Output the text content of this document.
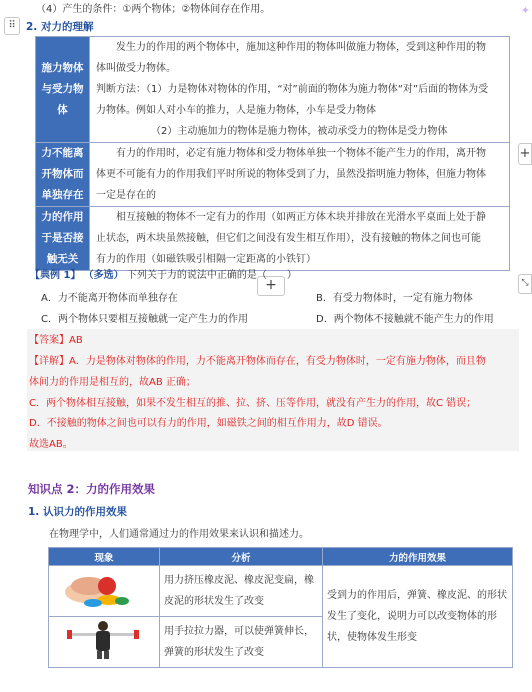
✦
⠿
+
+	⤡
（4）产生的条件：①两个物体；②物体间存在作用。
2. 对力的理解
施力物体与受力物体	　　发生力的作用的两个物体中，施加这种作用的物体叫做施力物体，受到这种作用的物
体叫做受力物体。
判断方法：（1）力是物体对物体的作用，“对”前面的物体为施力物体“对”后面的物体为受
力物体。例如人对小车的推力，人是施力物体，小车是受力物体
　　　　　　（2）主动施加力的物体是施力物体，被动承受力的物体是受力物体

力不能离开物体而单独存在	　　有力的作用时，必定有施力物体和受力物体单独一个物体不能产生力的作用，离开物
体更不可能有力的作用我们平时所说的物体受到了力，虽然没指明施力物体，但施力物体
一定是存在的

力的作用于是否接触无关	　　相互接触的物体不一定有力的作用（如两正方体木块并排放在光滑水平桌面上处于静
止状态，两木块虽然接触，但它们之间没有发生相互作用），没有接触的物体之间也可能
有力的作用（如磁铁吸引相隔一定距离的小铁钉）
【典例 1】 （多选） 下列关于力的说法中正确的是（　　）
A．力不能离开物体而单独存在	B．有受力物体时，一定有施力物体
C．两个物体只要相互接触就一定产生力的作用	D．两个物体不接触就不能产生力的作用
【答案】AB
【详解】A．力是物体对物体的作用，力不能离开物体而存在，有受力物体时，一定有施力物体，而且物
体间力的作用是相互的，故AB 正确；
C．两个物体相互接触，如果不发生相互的推、拉、挤、压等作用，就没有产生力的作用，故C 错误；
D．不接触的物体之间也可以有力的作用，如磁铁之间的相互作用力，故D 错误。
故选AB。
知识点 2：力的作用效果
1. 认识力的作用效果
在物理学中，人们通常通过力的作用效果来认识和描述力。
现象	分析	力的作用效果
	用力挤压橡皮泥、橡皮泥变扁，橡皮泥的形状发生了改变	受到力的作用后，弹簧、橡皮泥、的形状发生了变化，说明力可以改变物体的形状，使物体发生形变
	用手拉拉力器，可以使弹簧伸长，弹簧的形状发生了改变	
